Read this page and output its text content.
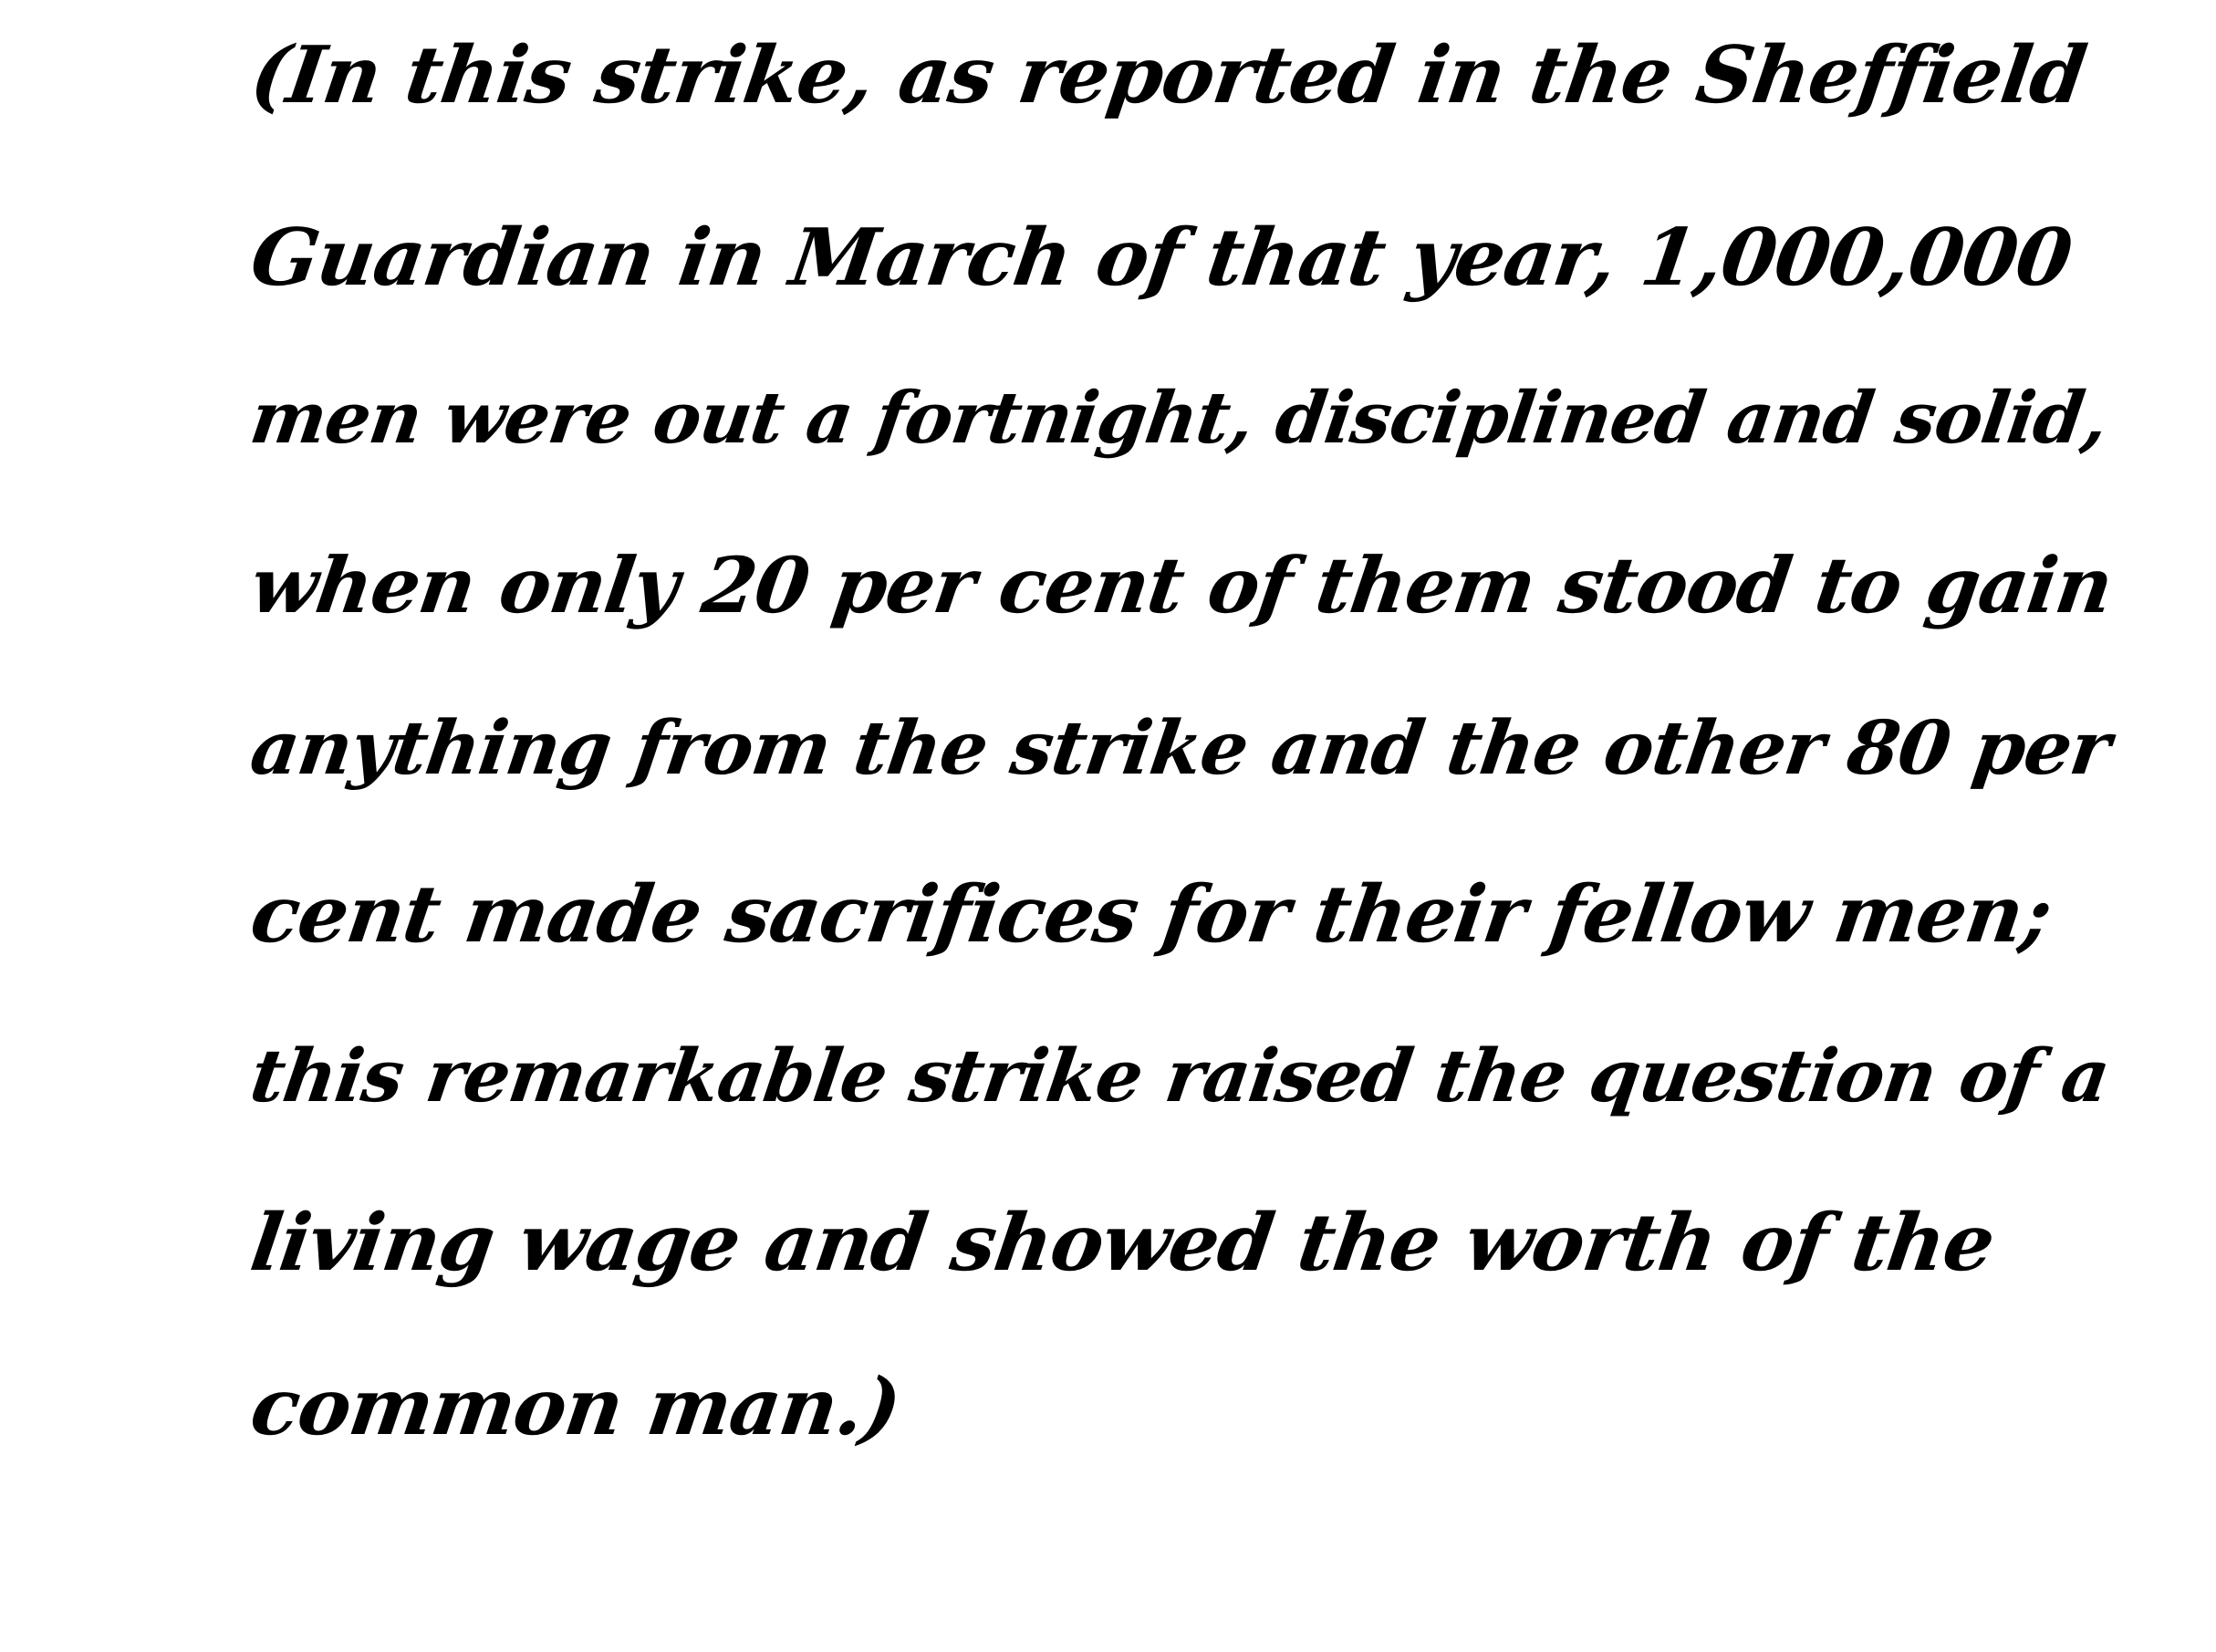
(In this strike, as reported in the Sheffield
Guardian in March of that year, 1,000,000
men were out a fortnight, disciplined and solid,
when only 20 per cent of them stood to gain
anything from the strike and the other 80 per
cent made sacrifices for their fellow men;
this remarkable strike raised the question of a
living wage and showed the worth of the
common man.)
